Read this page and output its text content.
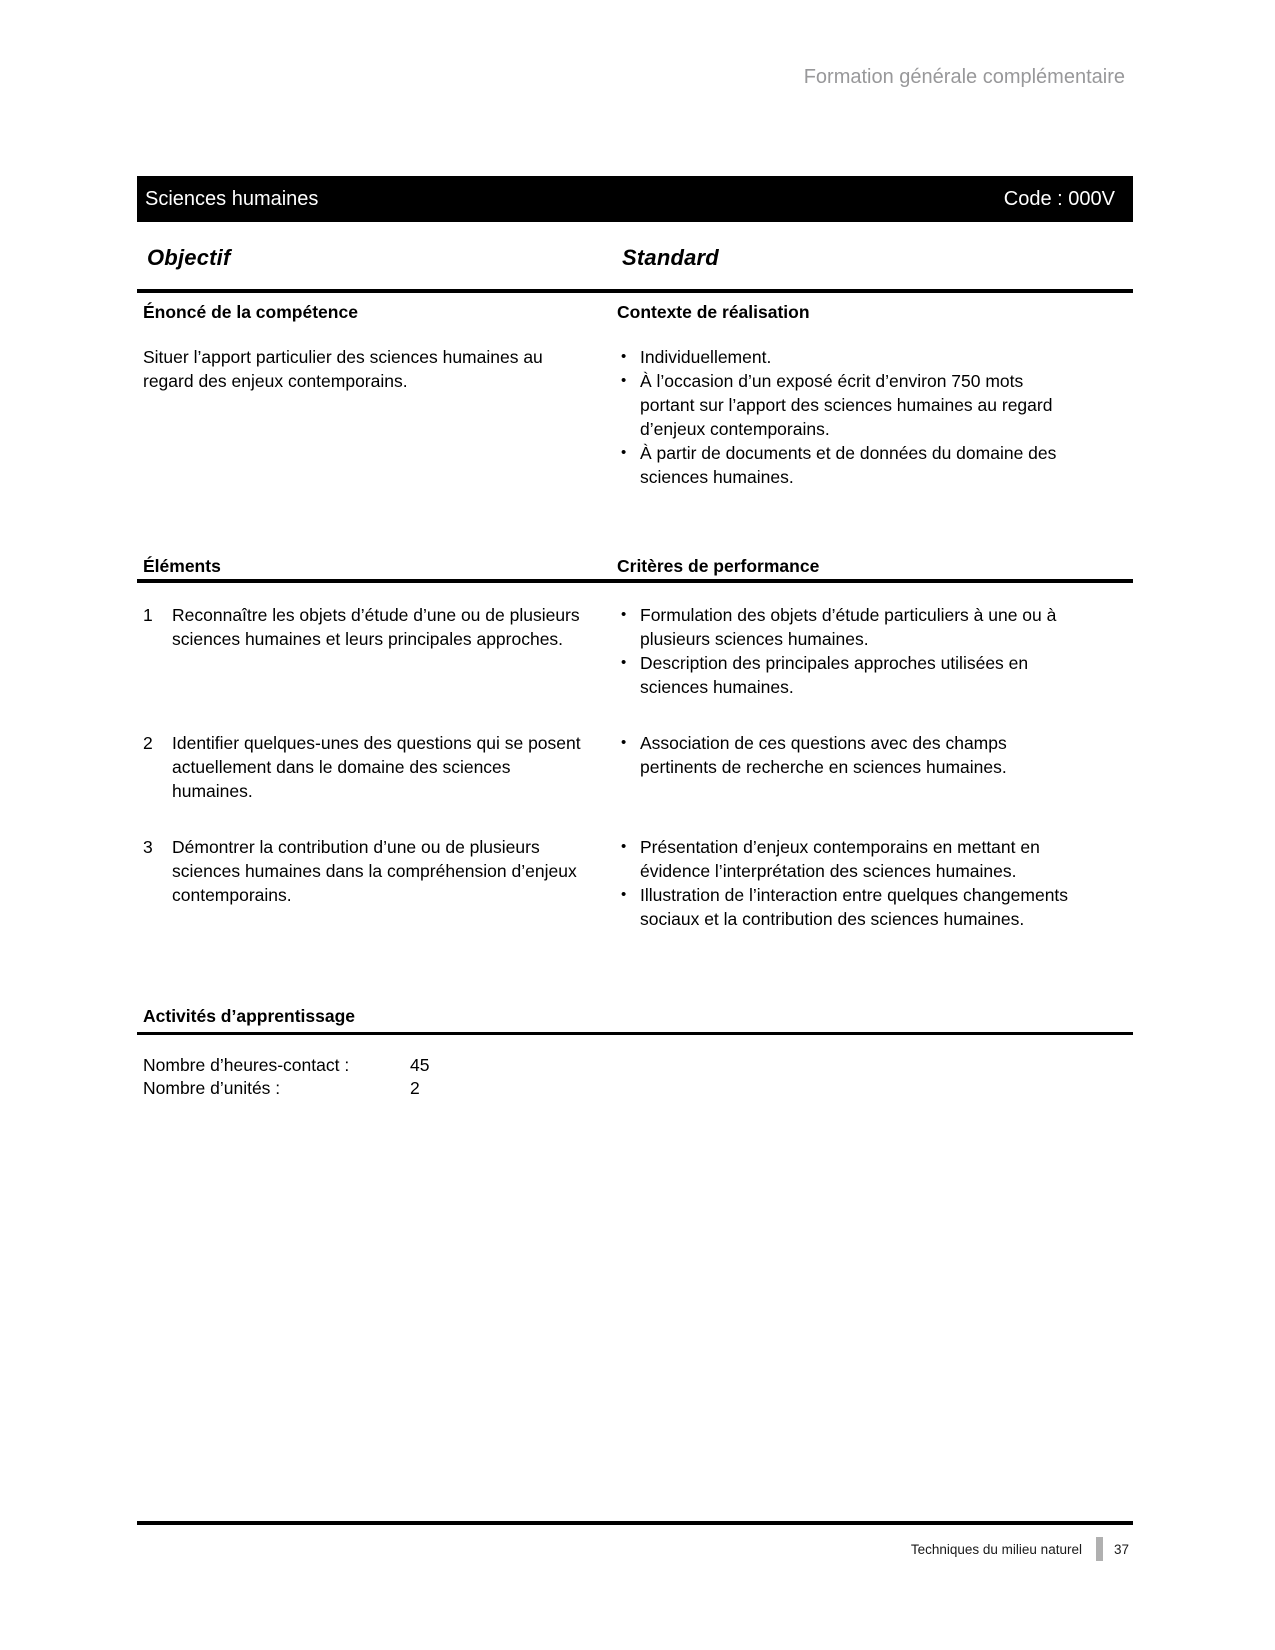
Formation générale complémentaire
Sciences humaines	Code : 000V
Objectif	Standard
Énoncé de la compétence	Contexte de réalisation
Situer l’apport particulier des sciences humaines au regard des enjeux contemporains.
• Individuellement.
• À l’occasion d’un exposé écrit d’environ 750 mots portant sur l’apport des sciences humaines au regard d’enjeux contemporains.
• À partir de documents et de données du domaine des sciences humaines.
Éléments	Critères de performance
1	Reconnaître les objets d’étude d’une ou de plusieurs sciences humaines et leurs principales approches.
• Formulation des objets d’étude particuliers à une ou à plusieurs sciences humaines.
• Description des principales approches utilisées en sciences humaines.
2	Identifier quelques-unes des questions qui se posent actuellement dans le domaine des sciences humaines.
• Association de ces questions avec des champs pertinents de recherche en sciences humaines.
3	Démontrer la contribution d’une ou de plusieurs sciences humaines dans la compréhension d’enjeux contemporains.
• Présentation d’enjeux contemporains en mettant en évidence l’interprétation des sciences humaines.
• Illustration de l’interaction entre quelques changements sociaux et la contribution des sciences humaines.
Activités d’apprentissage
Nombre d’heures-contact :	45
Nombre d’unités :	2
Techniques du milieu naturel 37
